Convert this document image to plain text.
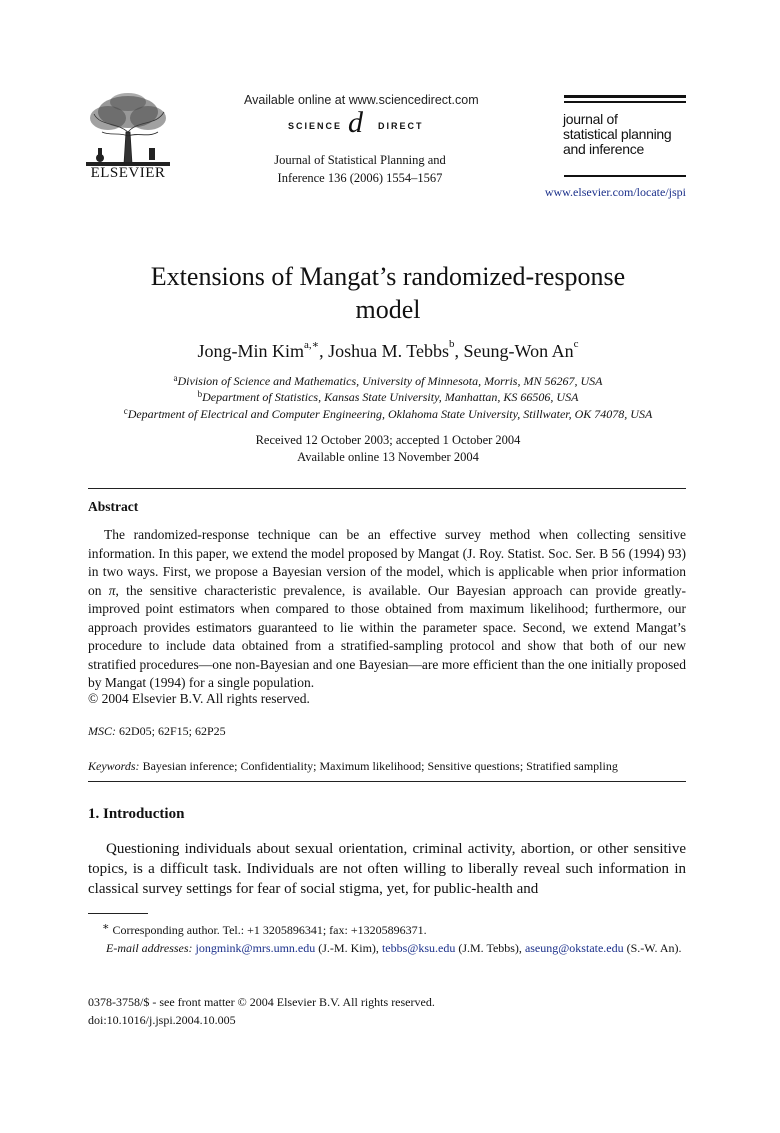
ELSEVIER
Available online at www.sciencedirect.com
SCIENCE d DIRECT
Journal of Statistical Planning and
Inference 136 (2006) 1554–1567
journal of
statistical planning
and inference
www.elsevier.com/locate/jspi
Extensions of Mangat’s randomized-response
model
Jong-Min Kim$^{a,∗}$, Joshua M. Tebbs$^b$, Seung-Won An$^c$
$^a$Division of Science and Mathematics, University of Minnesota, Morris, MN 56267, USA
$^b$Department of Statistics, Kansas State University, Manhattan, KS 66506, USA
$^c$Department of Electrical and Computer Engineering, Oklahoma State University, Stillwater, OK 74078, USA
Received 12 October 2003; accepted 1 October 2004
Available online 13 November 2004
Abstract

The randomized-response technique can be an effective survey method when collecting sensitive information. In this paper, we extend the model proposed by Mangat (J. Roy. Statist. Soc. Ser. B 56 (1994) 93) in two ways. First, we propose a Bayesian version of the model, which is applicable when prior information on π, the sensitive characteristic prevalence, is available. Our Bayesian approach can provide greatly-improved point estimators when compared to those obtained from maximum likelihood; furthermore, our approach provides estimators guaranteed to lie within the parameter space. Second, we extend Mangat’s procedure to include data obtained from a stratified-sampling protocol and show that both of our new stratified procedures—one non-Bayesian and one Bayesian—are more efficient than the one initially proposed by Mangat (1994) for a single population.

© 2004 Elsevier B.V. All rights reserved.
MSC: 62D05; 62F15; 62P25
Keywords: Bayesian inference; Confidentiality; Maximum likelihood; Sensitive questions; Stratified sampling
1. Introduction

Questioning individuals about sexual orientation, criminal activity, abortion, or other sensitive topics, is a difficult task. Individuals are not often willing to liberally reveal such information in classical survey settings for fear of social stigma, yet, for public-health and

∗ Corresponding author. Tel.: +1 3205896341; fax: +13205896371.
E-mail addresses: jongmink@mrs.umn.edu (J.-M. Kim), tebbs@ksu.edu (J.M. Tebbs), aseung@okstate.edu (S.-W. An).
0378-3758/$ - see front matter © 2004 Elsevier B.V. All rights reserved.
doi:10.1016/j.jspi.2004.10.005
